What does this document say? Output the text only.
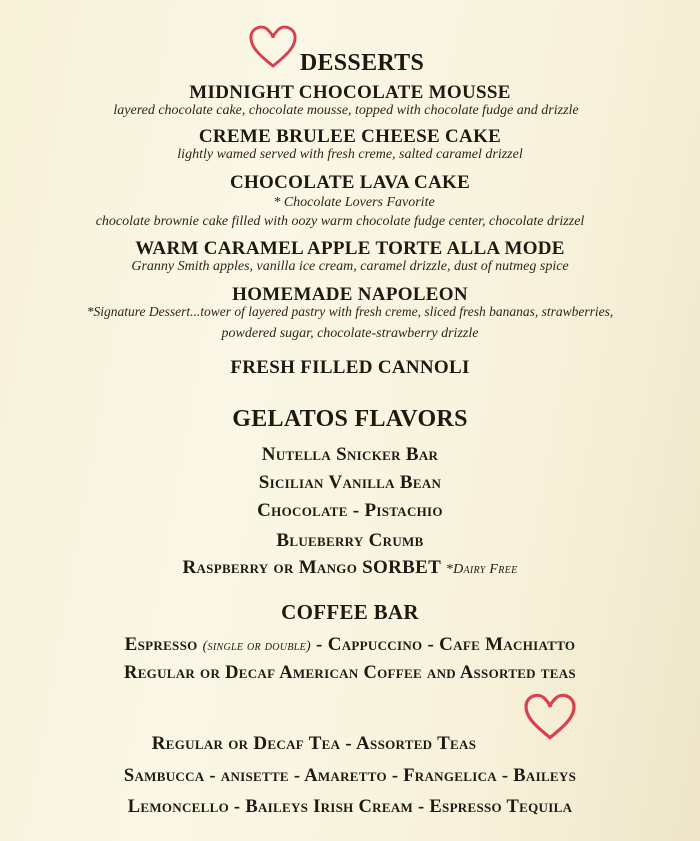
DESSERTS
MIDNIGHT CHOCOLATE MOUSSE
layered chocolate cake, chocolate mousse, topped with chocolate fudge and drizzle
CREME BRULEE CHEESE CAKE
lightly wamed served with fresh creme, salted caramel drizzel
CHOCOLATE LAVA CAKE
* Chocolate Lovers Favorite
chocolate brownie cake filled with oozy warm chocolate fudge center, chocolate drizzel
WARM CARAMEL APPLE TORTE ALLA MODE
Granny Smith apples, vanilla ice cream, caramel drizzle, dust of nutmeg spice
HOMEMADE NAPOLEON
*Signature Dessert...tower of layered pastry with fresh creme, sliced fresh bananas, strawberries,
powdered sugar, chocolate-strawberry drizzle
FRESH FILLED CANNOLI
GELATOS FLAVORS
Nutella Snicker Bar
Sicilian Vanilla Bean
Chocolate - Pistachio
Blueberry Crumb
Raspberry or Mango SORBET *Dairy Free
COFFEE BAR
Espresso (single or double) - Cappuccino - Cafe Machiatto
Regular or Decaf American Coffee and Assorted teas
Regular or Decaf Tea - Assorted Teas
Sambucca - anisette - Amaretto - Frangelica - Baileys
Lemoncello - Baileys Irish Cream - Espresso Tequila
